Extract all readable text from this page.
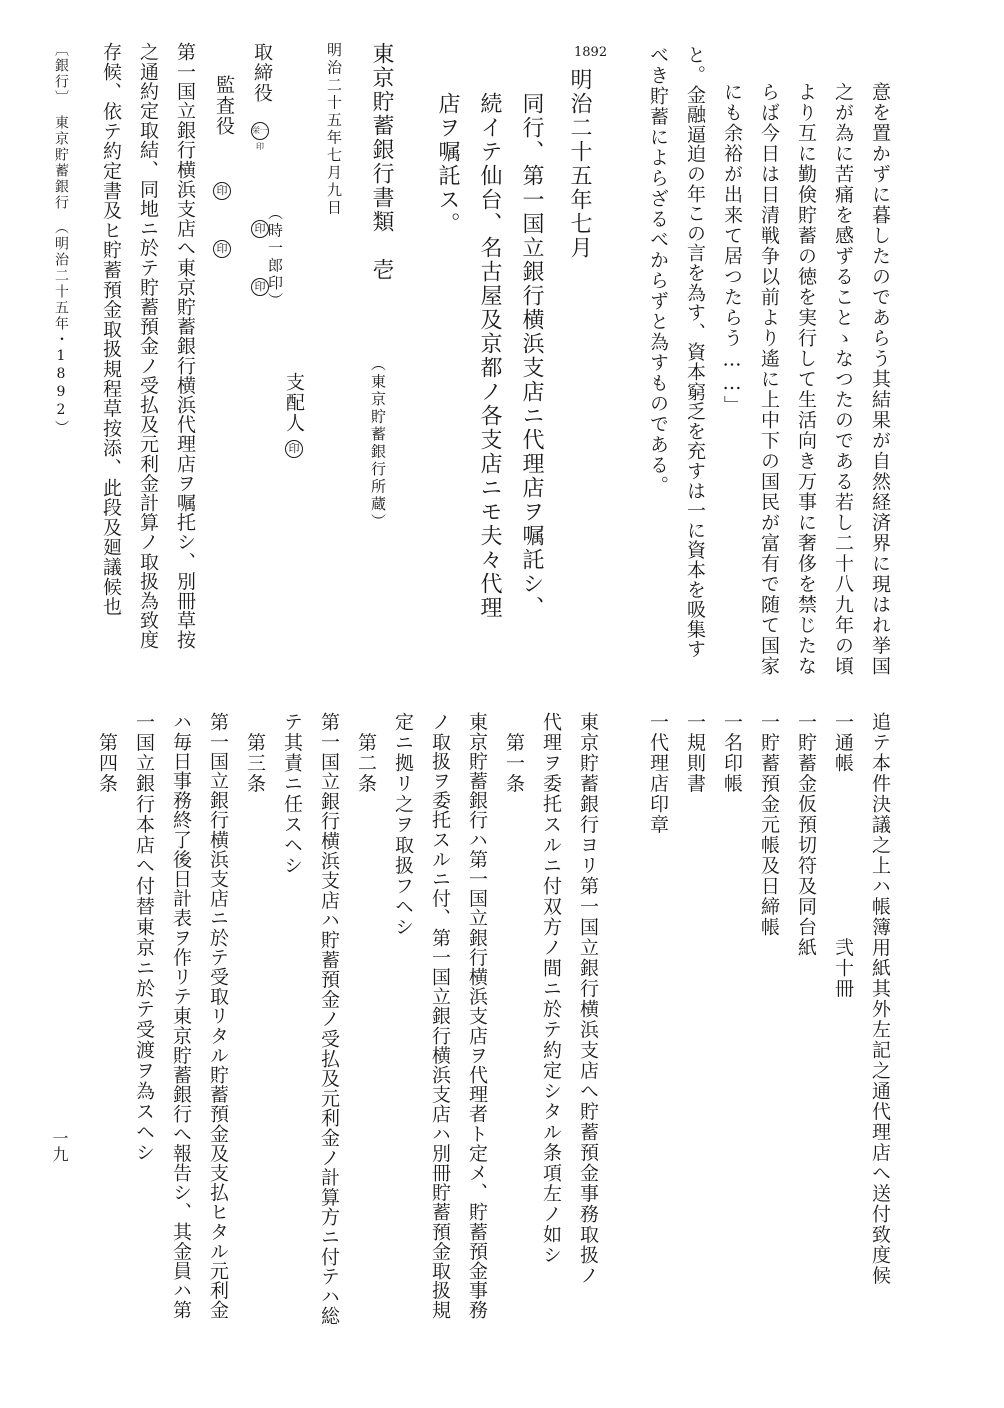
意を置かずに暮したのであらう其結果が自然経済界に現はれ挙国
之が為に苦痛を感ずることゝなつたのである若し二十八九年の頃
より互に勤倹貯蓄の徳を実行して生活向き万事に奢侈を禁じたな
らば今日は日清戦争以前より遙に上中下の国民が富有で随て国家
にも余裕が出来て居つたらう……」
と。金融逼迫の年この言を為す、資本窮乏を充すは一に資本を吸集す
べき貯蓄によらざるべからずと為すものである。
1892
明治二十五年七月
同行、第一国立銀行横浜支店ニ代理店ヲ嘱託シ、
続イテ仙台、名古屋及京都ノ各支店ニモ夫々代理
店ヲ嘱託ス。
東京貯蓄銀行書類　壱
（東京貯蓄銀行所蔵）
明治二十五年七月九日
支配人
印
（時一郎印）
取締役
栄一印
印
印
監査役
印
印
第一国立銀行横浜支店へ東京貯蓄銀行横浜代理店ヲ嘱托シ、別冊草按
之通約定取結、同地ニ於テ貯蓄預金ノ受払及元利金計算ノ取扱為致度
存候、依テ約定書及ヒ貯蓄預金取扱規程草按添、此段及廻議候也
〔銀行〕　東京貯蓄銀行　（明治二十五年・1892）
追テ本件決議之上ハ帳簿用紙其外左記之通代理店へ送付致度候
一通帳　　　　　　　　弐十冊
一貯蓄金仮預切符及同台紙
一貯蓄預金元帳及日締帳
一名印帳
一規則書
一代理店印章
東京貯蓄銀行ヨリ第一国立銀行横浜支店へ貯蓄預金事務取扱ノ
代理ヲ委托スルニ付双方ノ間ニ於テ約定シタル条項左ノ如シ
　第一条
東京貯蓄銀行ハ第一国立銀行横浜支店ヲ代理者ト定メ、貯蓄預金事務
ノ取扱ヲ委托スルニ付、第一国立銀行横浜支店ハ別冊貯蓄預金取扱規
定ニ拠リ之ヲ取扱フヘシ
　第二条
第一国立銀行横浜支店ハ貯蓄預金ノ受払及元利金ノ計算方ニ付テハ総
テ其責ニ任スヘシ
　第三条
第一国立銀行横浜支店ニ於テ受取リタル貯蓄預金及支払ヒタル元利金
ハ毎日事務終了後日計表ヲ作リテ東京貯蓄銀行へ報告シ、其金員ハ第
一国立銀行本店へ付替東京ニ於テ受渡ヲ為スヘシ
　第四条
一九
